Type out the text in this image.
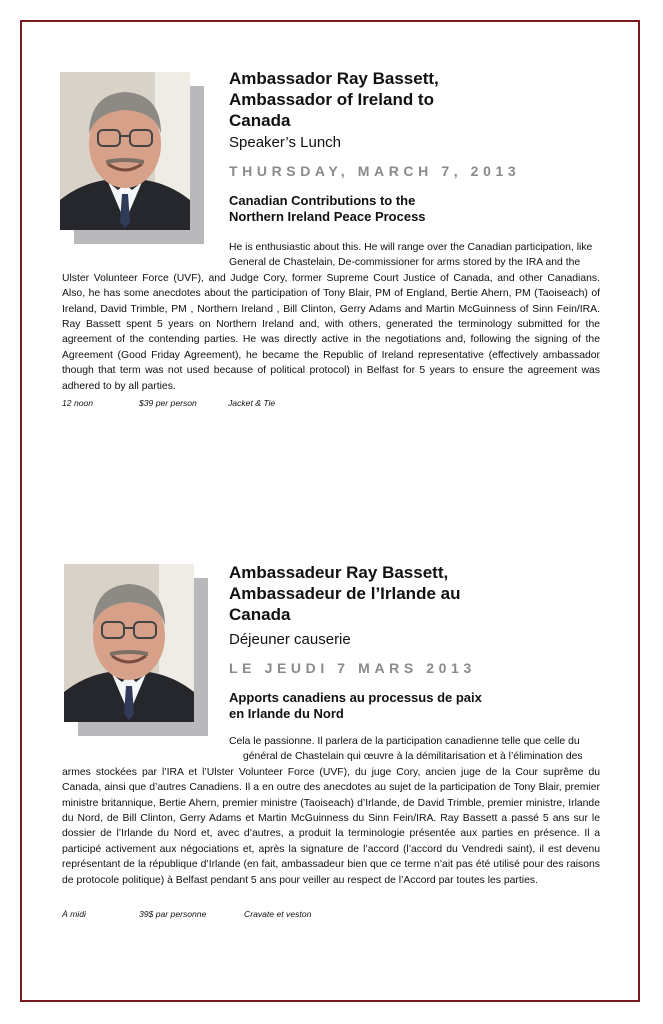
Ambassador Ray Bassett,
Ambassador of Ireland to
Canada
Speaker’s Lunch
THURSDAY, MARCH 7, 2013
Canadian Contributions to the
Northern Ireland Peace Process
He is enthusiastic about this. He will range over the Canadian participation, like
General de Chastelain, De-commissioner for arms stored by the IRA and the
Ulster Volunteer Force (UVF), and Judge Cory, former Supreme Court Justice of Canada, and other Canadians. Also, he has some anecdotes about the participation of Tony Blair, PM of England, Bertie Ahern, PM (Taoiseach) of Ireland, David Trimble, PM , Northern Ireland , Bill Clinton, Gerry Adams and Martin McGuinness of Sinn Fein/IRA. Ray Bassett spent 5 years on Northern Ireland and, with others, generated the terminology submitted for the agreement of the contending parties. He was directly active in the negotiations and, following the signing of the Agreement (Good Friday Agreement), he became the Republic of Ireland representative (effectively ambassador though that term was not used because of political protocol) in Belfast for 5 years to ensure the agreement was adhered to by all parties.
12 noon	$39 per person	Jacket & Tie
Ambassadeur Ray Bassett,
Ambassadeur de l’Irlande au
Canada
Déjeuner causerie
LE JEUDI 7 MARS 2013
Apports canadiens au processus de paix
en Irlande du Nord
Cela le passionne. Il parlera de la participation canadienne telle que celle du
général de Chastelain qui œuvre à la démilitarisation et à l’élimination des
armes stockées par l’IRA et l’Ulster Volunteer Force (UVF), du juge Cory, ancien juge de la Cour suprême du Canada, ainsi que d’autres Canadiens. Il a en outre des anecdotes au sujet de la participation de Tony Blair, premier ministre britannique, Bertie Ahern, premier ministre (Taoiseach) d’Irlande, de David Trimble, premier ministre, Irlande du Nord, de Bill Clinton, Gerry Adams et Martin McGuinness du Sinn Fein/IRA. Ray Bassett a passé 5 ans sur le dossier de l’Irlande du Nord et, avec d’autres, a produit la terminologie présentée aux parties en présence. Il a participé activement aux négociations et, après la signature de l’accord (l’accord du Vendredi saint), il est devenu représentant de la république d’Irlande (en fait, ambassadeur bien que ce terme n’ait pas été utilisé pour des raisons de protocole politique) à Belfast pendant 5 ans pour veiller au respect de l’Accord par toutes les parties.
À midi	39$ par personne	Cravate et veston
